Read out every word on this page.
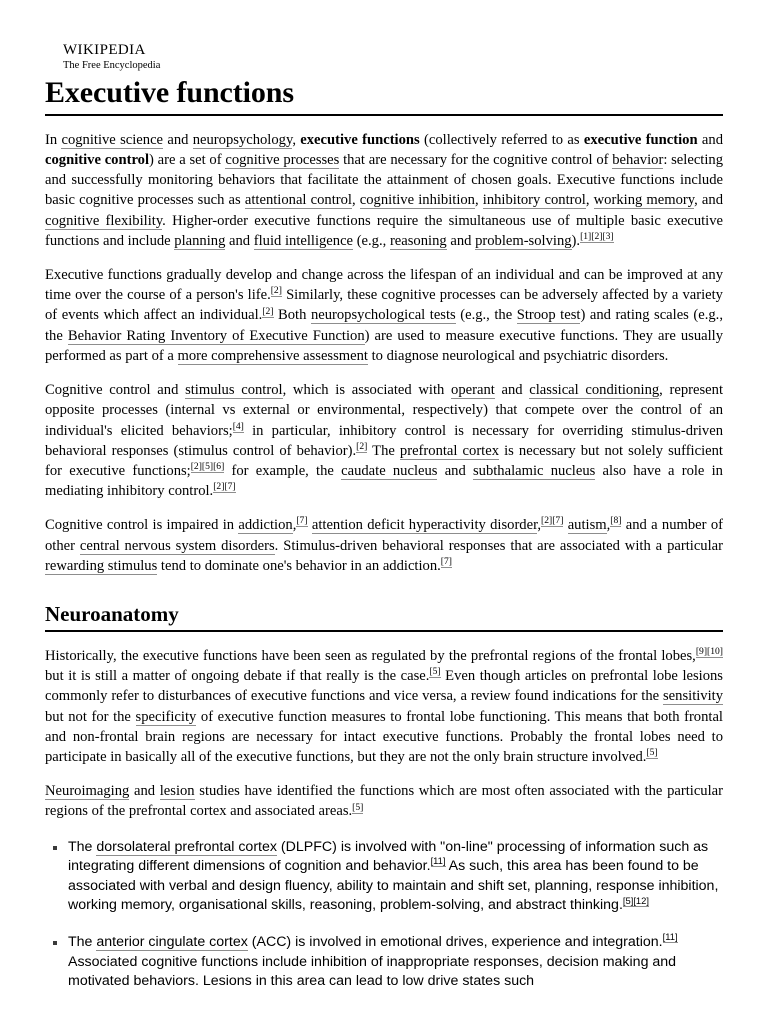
wikipedia
The Free Encyclopedia
Executive functions

In cognitive science and neuropsychology, executive functions (collectively referred to as executive function and cognitive control) are a set of cognitive processes that are necessary for the cognitive control of behavior: selecting and successfully monitoring behaviors that facilitate the attainment of chosen goals. Executive functions include basic cognitive processes such as attentional control, cognitive inhibition, inhibitory control, working memory, and cognitive flexibility. Higher-order executive functions require the simultaneous use of multiple basic executive functions and include planning and fluid intelligence (e.g., reasoning and problem-solving).[1][2][3]

Executive functions gradually develop and change across the lifespan of an individual and can be improved at any time over the course of a person's life.[2] Similarly, these cognitive processes can be adversely affected by a variety of events which affect an individual.[2] Both neuropsychological tests (e.g., the Stroop test) and rating scales (e.g., the Behavior Rating Inventory of Executive Function) are used to measure executive functions. They are usually performed as part of a more comprehensive assessment to diagnose neurological and psychiatric disorders.

Cognitive control and stimulus control, which is associated with operant and classical conditioning, represent opposite processes (internal vs external or environmental, respectively) that compete over the control of an individual's elicited behaviors;[4] in particular, inhibitory control is necessary for overriding stimulus-driven behavioral responses (stimulus control of behavior).[2] The prefrontal cortex is necessary but not solely sufficient for executive functions;[2][5][6] for example, the caudate nucleus and subthalamic nucleus also have a role in mediating inhibitory control.[2][7]

Cognitive control is impaired in addiction,[7] attention deficit hyperactivity disorder,[2][7] autism,[8] and a number of other central nervous system disorders. Stimulus-driven behavioral responses that are associated with a particular rewarding stimulus tend to dominate one's behavior in an addiction.[7]

Neuroanatomy

Historically, the executive functions have been seen as regulated by the prefrontal regions of the frontal lobes,[9][10] but it is still a matter of ongoing debate if that really is the case.[5] Even though articles on prefrontal lobe lesions commonly refer to disturbances of executive functions and vice versa, a review found indications for the sensitivity but not for the specificity of executive function measures to frontal lobe functioning. This means that both frontal and non-frontal brain regions are necessary for intact executive functions. Probably the frontal lobes need to participate in basically all of the executive functions, but they are not the only brain structure involved.[5]

Neuroimaging and lesion studies have identified the functions which are most often associated with the particular regions of the prefrontal cortex and associated areas.[5]

The dorsolateral prefrontal cortex (DLPFC) is involved with "on-line" processing of information such as integrating different dimensions of cognition and behavior.[11] As such, this area has been found to be associated with verbal and design fluency, ability to maintain and shift set, planning, response inhibition, working memory, organisational skills, reasoning, problem-solving, and abstract thinking.[5][12]
The anterior cingulate cortex (ACC) is involved in emotional drives, experience and integration.[11] Associated cognitive functions include inhibition of inappropriate responses, decision making and motivated behaviors. Lesions in this area can lead to low drive states such
